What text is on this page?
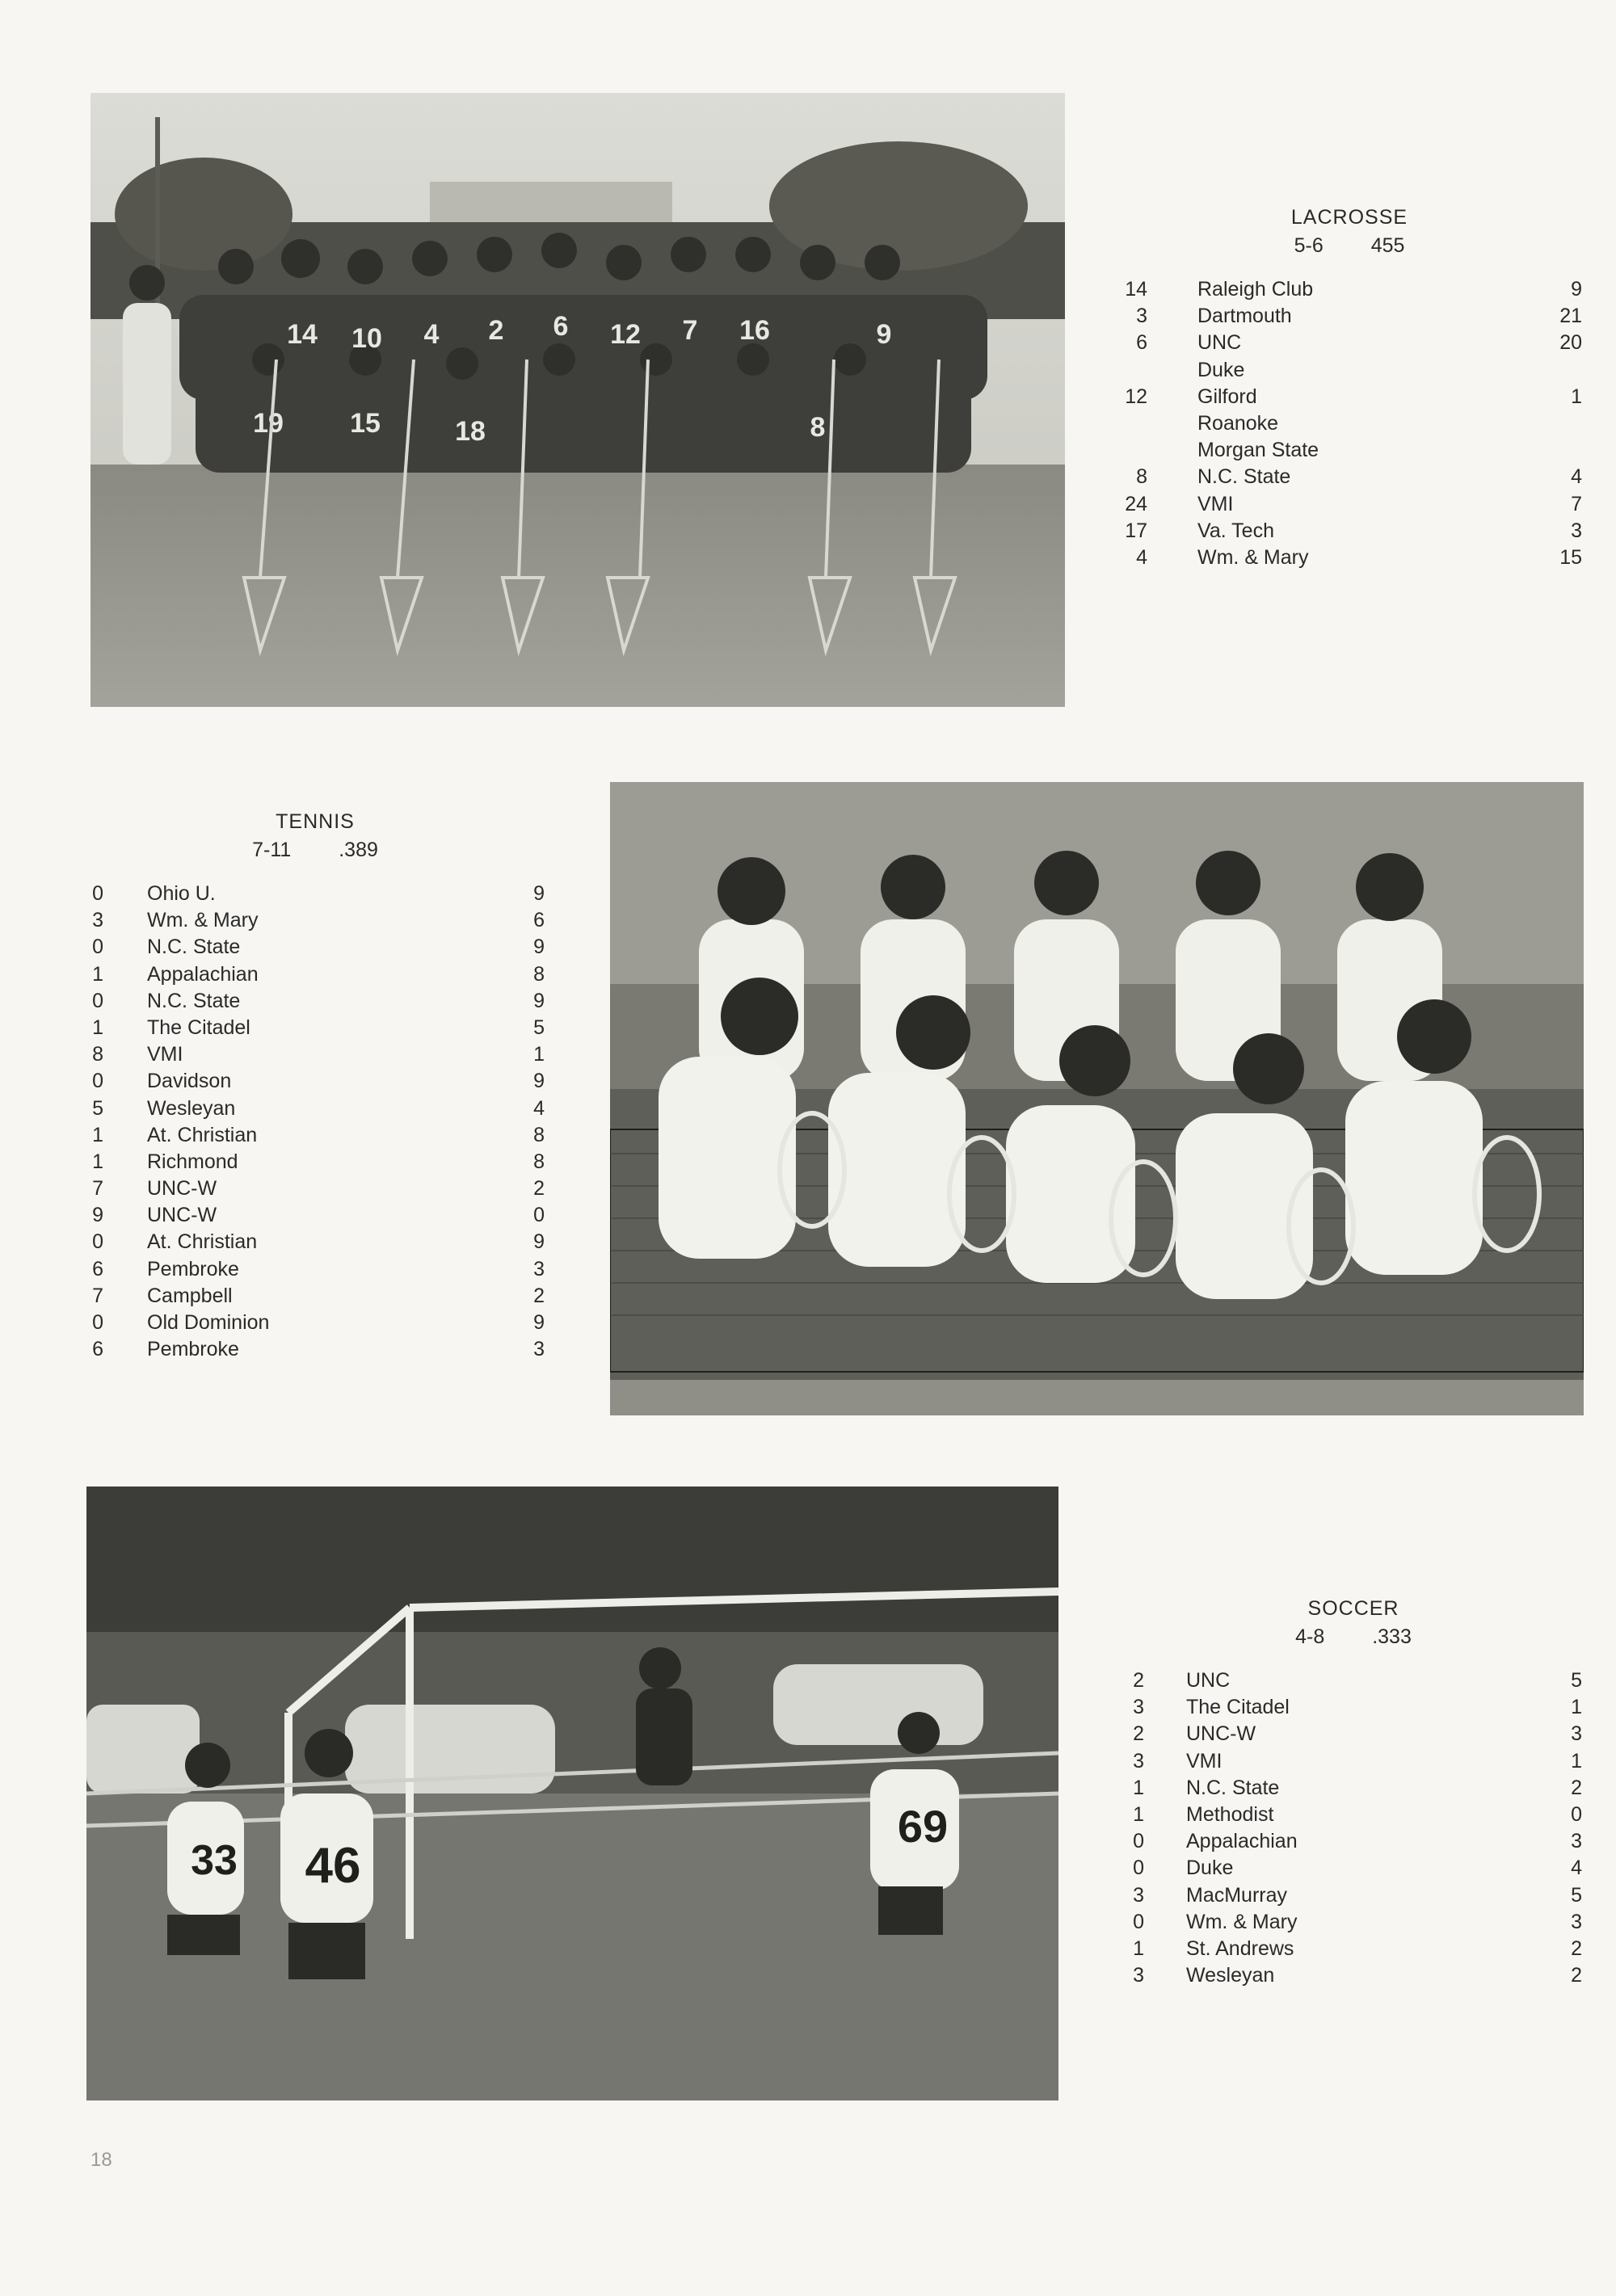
14 10 4 2 6 12 7 16	9
19 15	18	8
LACROSSE
5-6 455
14 Raleigh Club	9
3 Dartmouth	21
6 UNC	20
Duke
12 Gilford	1
Roanoke
Morgan State
8 N.C. State	4
24 VMI	7
17 Va. Tech	3
4 Wm. & Mary	15
TENNIS
7-11 .389
0 Ohio U.	9
3 Wm. & Mary	6
0 N.C. State	9
1 Appalachian	8
0 N.C. State	9
1 The Citadel	5
8 VMI	1
0 Davidson	9
5 Wesleyan	4
1 At. Christian	8
1 Richmond	8
7 UNC-W	2
9 UNC-W	0
0 At. Christian	9
6 Pembroke	3
7 Campbell	2
0 Old Dominion	9
6 Pembroke	3
33 46
69
SOCCER
4-8 .333
2 UNC	5
3 The Citadel	1
2 UNC-W	3
3 VMI	1
1 N.C. State	2
1 Methodist	0
0 Appalachian	3
0 Duke	4
3 MacMurray	5
0 Wm. & Mary	3
1 St. Andrews	2
3 Wesleyan	2
18
